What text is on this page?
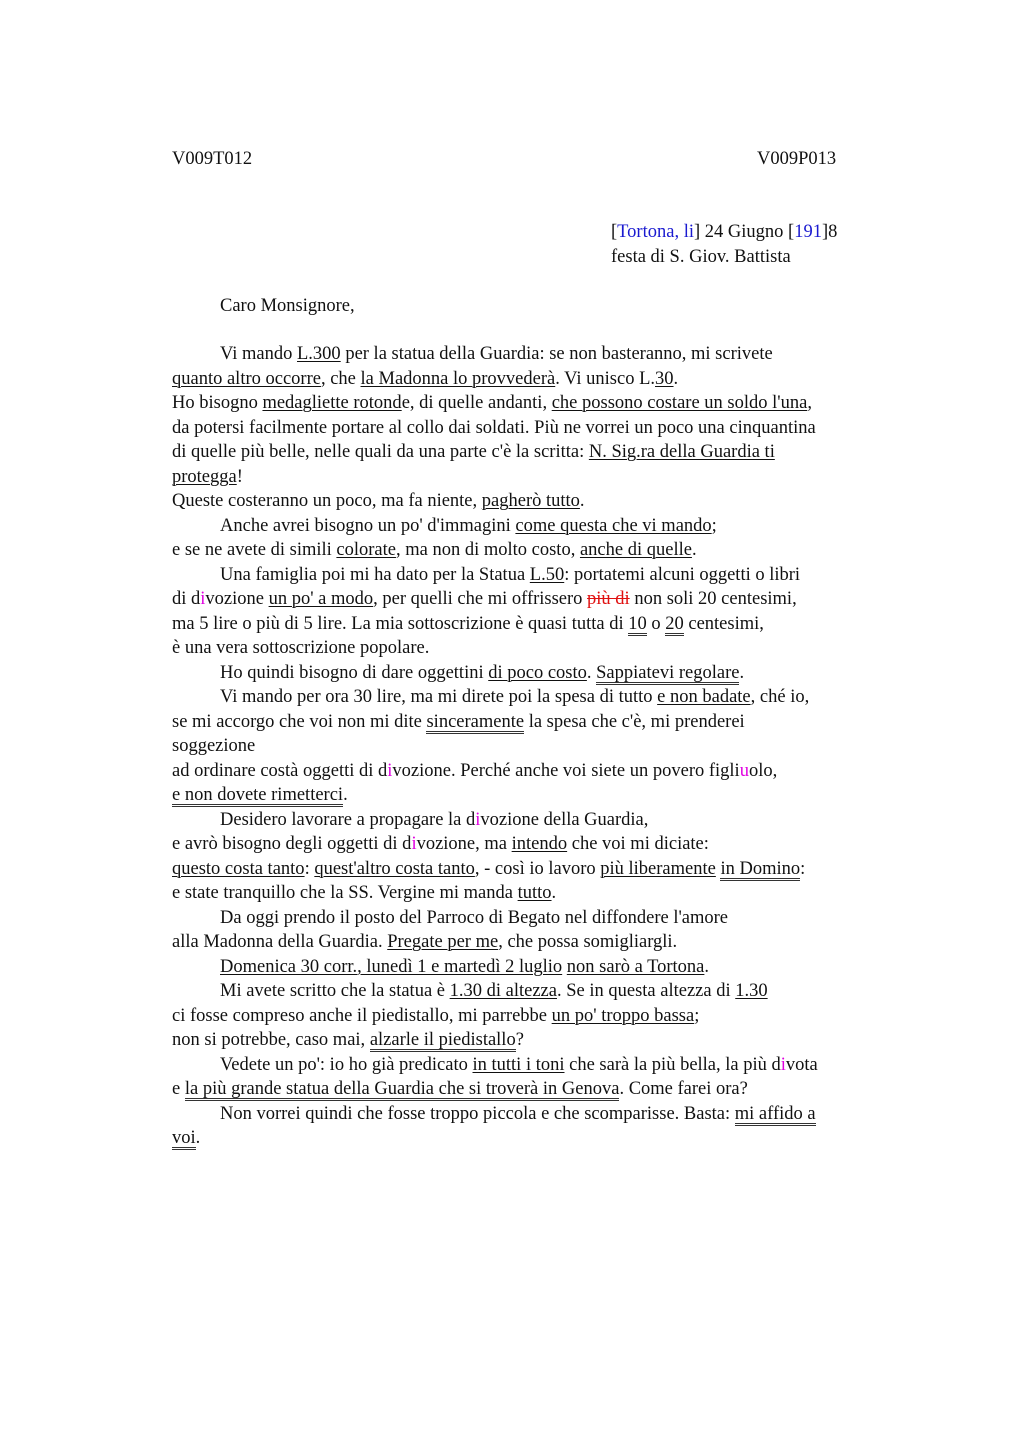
V009T012	V009P013
[Tortona, li] 24 Giugno [191]8
festa di S. Giov. Battista
Caro Monsignore,
Vi mando L.300 per la statua della Guardia: se non basteranno, mi scrivete
quanto altro occorre, che la Madonna lo provvederà. Vi unisco L.30.
Ho bisogno medagliette rotonde, di quelle andanti, che possono costare un soldo l'una,
da potersi facilmente portare al collo dai soldati. Più ne vorrei un poco una cinquantina
di quelle più belle, nelle quali da una parte c'è la scritta: N. Sig.ra della Guardia ti
protegga!
Queste costeranno un poco, ma fa niente, pagherò tutto.
Anche avrei bisogno un po' d'immagini come questa che vi mando;
e se ne avete di simili colorate, ma non di molto costo, anche di quelle.
Una famiglia poi mi ha dato per la Statua L.50: portatemi alcuni oggetti o libri
di divozione un po' a modo, per quelli che mi offrissero più di non soli 20 centesimi,
ma 5 lire o più di 5 lire. La mia sottoscrizione è quasi tutta di 10 o 20 centesimi,
è una vera sottoscrizione popolare.
Ho quindi bisogno di dare oggettini di poco costo. Sappiatevi regolare.
Vi mando per ora 30 lire, ma mi direte poi la spesa di tutto e non badate, ché io,
se mi accorgo che voi non mi dite sinceramente la spesa che c'è, mi prenderei
soggezione
ad ordinare costà oggetti di divozione. Perché anche voi siete un povero figliuolo,
e non dovete rimetterci.
Desidero lavorare a propagare la divozione della Guardia,
e avrò bisogno degli oggetti di divozione, ma intendo che voi mi diciate:
questo costa tanto: quest'altro costa tanto, - così io lavoro più liberamente in Domino:
e state tranquillo che la SS. Vergine mi manda tutto.
Da oggi prendo il posto del Parroco di Begato nel diffondere l'amore
alla Madonna della Guardia. Pregate per me, che possa somigliargli.
Domenica 30 corr., lunedì 1 e martedì 2 luglio non sarò a Tortona.
Mi avete scritto che la statua è 1.30 di altezza. Se in questa altezza di 1.30
ci fosse compreso anche il piedistallo, mi parrebbe un po' troppo bassa;
non si potrebbe, caso mai, alzarle il piedistallo?
Vedete un po': io ho già predicato in tutti i toni che sarà la più bella, la più divota
e la più grande statua della Guardia che si troverà in Genova. Come farei ora?
Non vorrei quindi che fosse troppo piccola e che scomparisse. Basta: mi affido a
voi.
